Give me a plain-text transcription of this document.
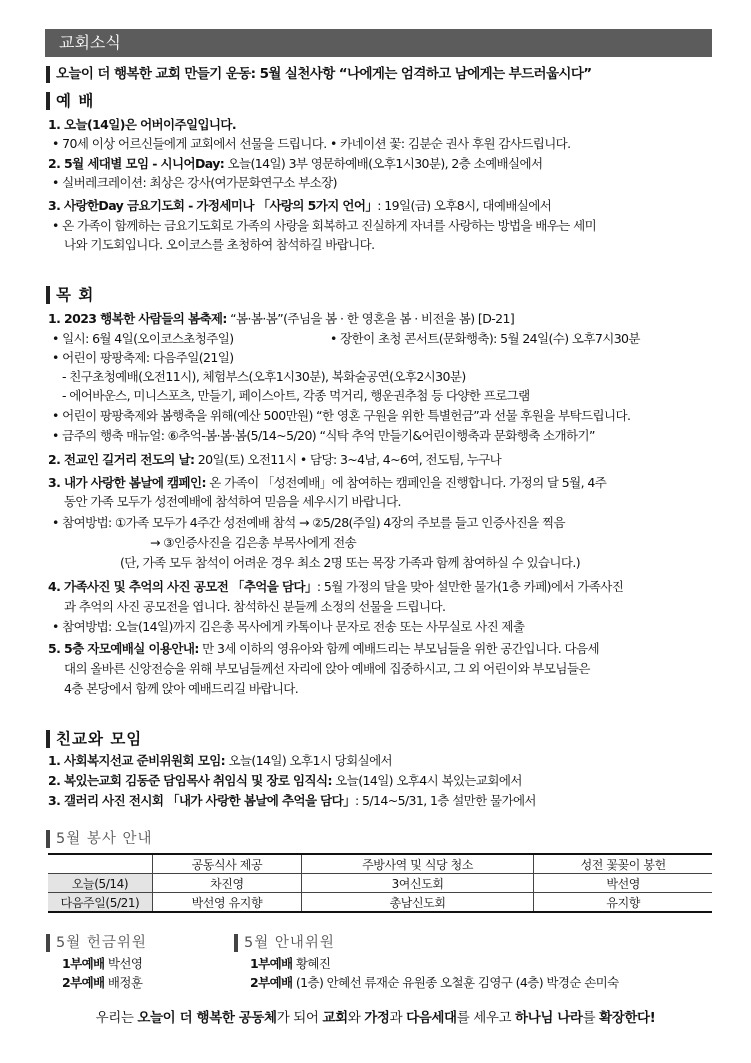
교회소식
오늘이 더 행복한 교회 만들기 운동: 5월 실천사항 “나에게는 엄격하고 남에게는 부드러웁시다”
예 배
1. 오늘(14일)은 어버이주일입니다.
• 70세 이상 어르신들에게 교회에서 선물을 드립니다. • 카네이션 꽃: 김분순 권사 후원 감사드립니다.
2. 5월 세대별 모임 - 시니어Day: 오늘(14일) 3부 영문하예배(오후1시30분), 2층 소예배실에서
• 실버레크레이션: 최상은 강사(여가문화연구소 부소장)
3. 사랑한Day 금요기도회 - 가정세미나 「사랑의 5가지 언어」: 19일(금) 오후8시, 대예배실에서
• 온 가족이 함께하는 금요기도회로 가족의 사랑을 회복하고 진실하게 자녀를 사랑하는 방법을 배우는 세미
나와 기도회입니다. 오이코스를 초청하여 참석하길 바랍니다.
목 회
1. 2023 행복한 사람들의 봄축제: “봄·봄·봄”(주님을 봄 · 한 영혼을 봄 · 비전을 봄) [D-21]
• 일시: 6월 4일(오이코스초청주일)	• 장한이 초청 콘서트(문화행축): 5월 24일(수) 오후7시30분
• 어린이 팡팡축제: 다음주일(21일)
- 친구초청예배(오전11시), 체험부스(오후1시30분), 복화술공연(오후2시30분)
- 에어바운스, 미니스포츠, 만들기, 페이스아트, 각종 먹거리, 행운권추첨 등 다양한 프로그램
• 어린이 팡팡축제와 봄행축을 위해(예산 500만원) “한 영혼 구원을 위한 특별헌금”과 선물 후원을 부탁드립니다.
• 금주의 행축 매뉴얼: ⑥추억-봄·봄·봄(5/14~5/20) “식탁 추억 만들기&어린이행축과 문화행축 소개하기”
2. 전교인 길거리 전도의 날: 20일(토) 오전11시 • 담당: 3~4남, 4~6여, 전도팀, 누구나
3. 내가 사랑한 봄날에 캠페인: 온 가족이 「성전예배」에 참여하는 캠페인을 진행합니다. 가정의 달 5월, 4주
동안 가족 모두가 성전예배에 참석하여 믿음을 세우시기 바랍니다.
• 참여방법: ①가족 모두가 4주간 성전예배 참석 → ②5/28(주일) 4장의 주보를 들고 인증사진을 찍음
→ ③인증사진을 김은총 부목사에게 전송
(단, 가족 모두 참석이 어려운 경우 최소 2명 또는 목장 가족과 함께 참여하실 수 있습니다.)
4. 가족사진 및 추억의 사진 공모전 「추억을 담다」: 5월 가정의 달을 맞아 설만한 물가(1층 카페)에서 가족사진
과 추억의 사진 공모전을 엽니다. 참석하신 분들께 소정의 선물을 드립니다.
• 참여방법: 오늘(14일)까지 김은총 목사에게 카톡이나 문자로 전송 또는 사무실로 사진 제출
5. 5층 자모예배실 이용안내: 만 3세 이하의 영유아와 함께 예배드리는 부모님들을 위한 공간입니다. 다음세
대의 올바른 신앙전승을 위해 부모님들께선 자리에 앉아 예배에 집중하시고, 그 외 어린이와 부모님들은
4층 본당에서 함께 앉아 예배드리길 바랍니다.
친교와 모임
1. 사회복지선교 준비위원회 모임: 오늘(14일) 오후1시 당회실에서
2. 복있는교회 김동준 담임목사 취임식 및 장로 임직식: 오늘(14일) 오후4시 복있는교회에서
3. 갤러리 사진 전시회 「내가 사랑한 봄날에 추억을 담다」: 5/14~5/31, 1층 설만한 물가에서
5월 봉사 안내
	공동식사 제공	주방사역 및 식당 청소	성전 꽃꽂이 봉헌
오늘(5/14)	차진영	3여신도회	박선영
다음주일(5/21)	박선영 유지향	총남신도회	유지향
5월 헌금위원
1부예배 박선영
2부예배 배정훈
5월 안내위원
1부예배 황혜진
2부예배 (1층) 안혜선 류재순 유원종 오철훈 김영구 (4층) 박경순 손미숙
우리는 오늘이 더 행복한 공동체가 되어 교회와 가정과 다음세대를 세우고 하나님 나라를 확장한다!
